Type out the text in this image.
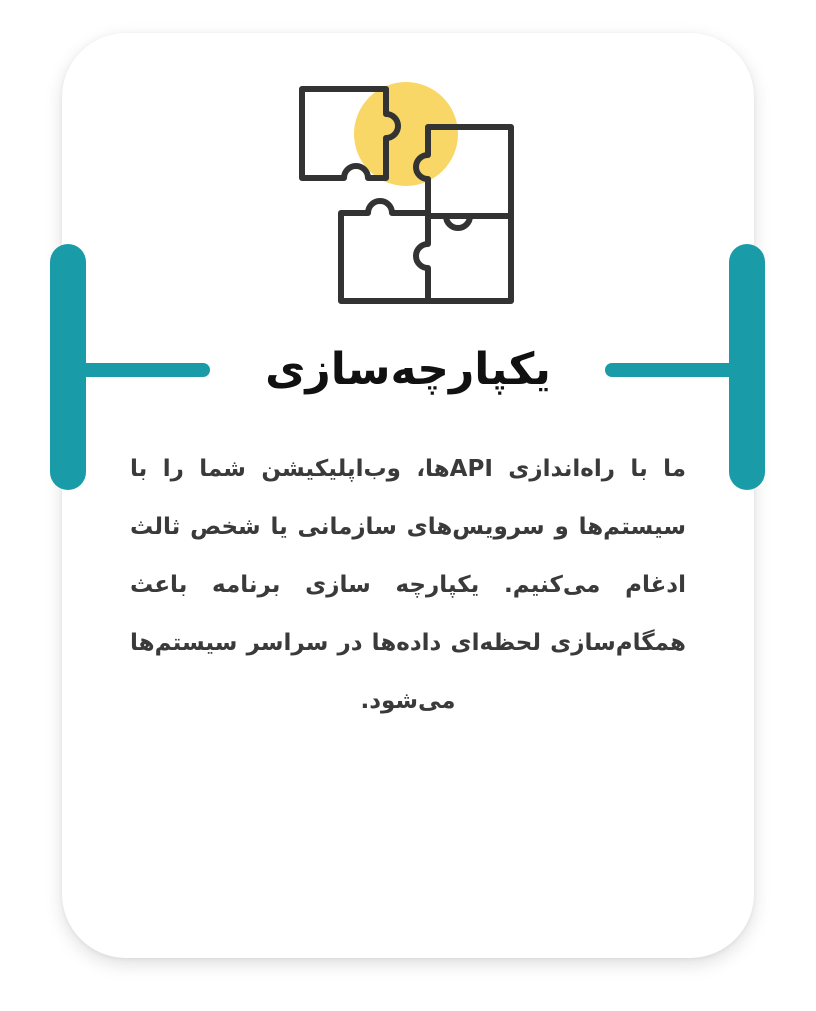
یکپارچه‌سازی

ما با راه‌اندازی APIها، وب‌اپلیکیشن شما را با سیستم‌ها و سرویس‌های سازمانی یا شخص ثالث ادغام می‌کنیم. یکپارچه سازی برنامه باعث همگام‌سازی لحظه‌ای داده‌ها در سراسر سیستم‌ها می‌شود.
